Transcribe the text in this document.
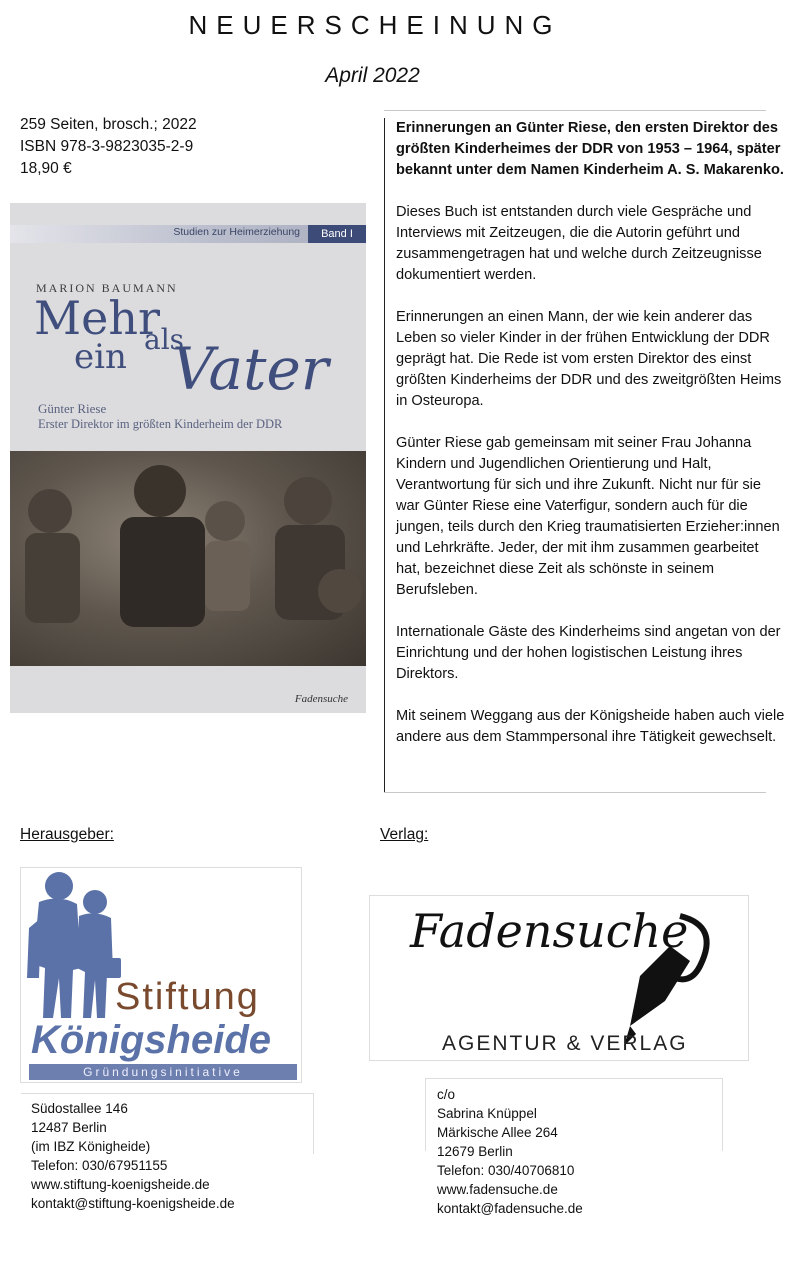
NEUERSCHEINUNG
April 2022
259 Seiten, brosch.; 2022
ISBN 978-3-9823035-2-9
18,90 €
Studien zur Heimerziehung	Band I
MARION BAUMANN
Mehr
als
ein Vater
Günter Riese
Erster Direktor im größten Kinderheim der DDR
Fadensuche

Erinnerungen an Günter Riese, den ersten Direktor des größten Kinderheimes der DDR von 1953 – 1964, später bekannt unter dem Namen Kinderheim A. S. Makarenko.

Dieses Buch ist entstanden durch viele Gespräche und Interviews mit Zeitzeugen, die die Autorin geführt und zusammengetragen hat und welche durch Zeitzeugnisse dokumentiert werden.

Erinnerungen an einen Mann, der wie kein anderer das Leben so vieler Kinder in der frühen Entwicklung der DDR geprägt hat. Die Rede ist vom ersten Direktor des einst größten Kinderheims der DDR und des zweitgrößten Heims in Osteuropa.

Günter Riese gab gemeinsam mit seiner Frau Johanna Kindern und Jugendlichen Orientierung und Halt, Verantwortung für sich und ihre Zukunft. Nicht nur für sie war Günter Riese eine Vaterfigur, sondern auch für die jungen, teils durch den Krieg traumatisierten Erzieher:innen und Lehrkräfte. Jeder, der mit ihm zusammen gearbeitet hat, bezeichnet diese Zeit als schönste in seinem Berufsleben.

Internationale Gäste des Kinderheims sind angetan von der Einrichtung und der hohen logistischen Leistung ihres Direktors.

Mit seinem Weggang aus der Königsheide haben auch viele andere aus dem Stammpersonal ihre Tätigkeit gewechselt.

Herausgeber:	Verlag:
Stiftung
Königsheide
Gründungsinitiative
Fadensuche
AGENTUR & VERLAG
Südostallee 146
12487 Berlin
(im IBZ Königheide)
Telefon: 030/67951155
www.stiftung-koenigsheide.de
kontakt@stiftung-koenigsheide.de
c/o
Sabrina Knüppel
Märkische Allee 264
12679 Berlin
Telefon: 030/40706810
www.fadensuche.de
kontakt@fadensuche.de
